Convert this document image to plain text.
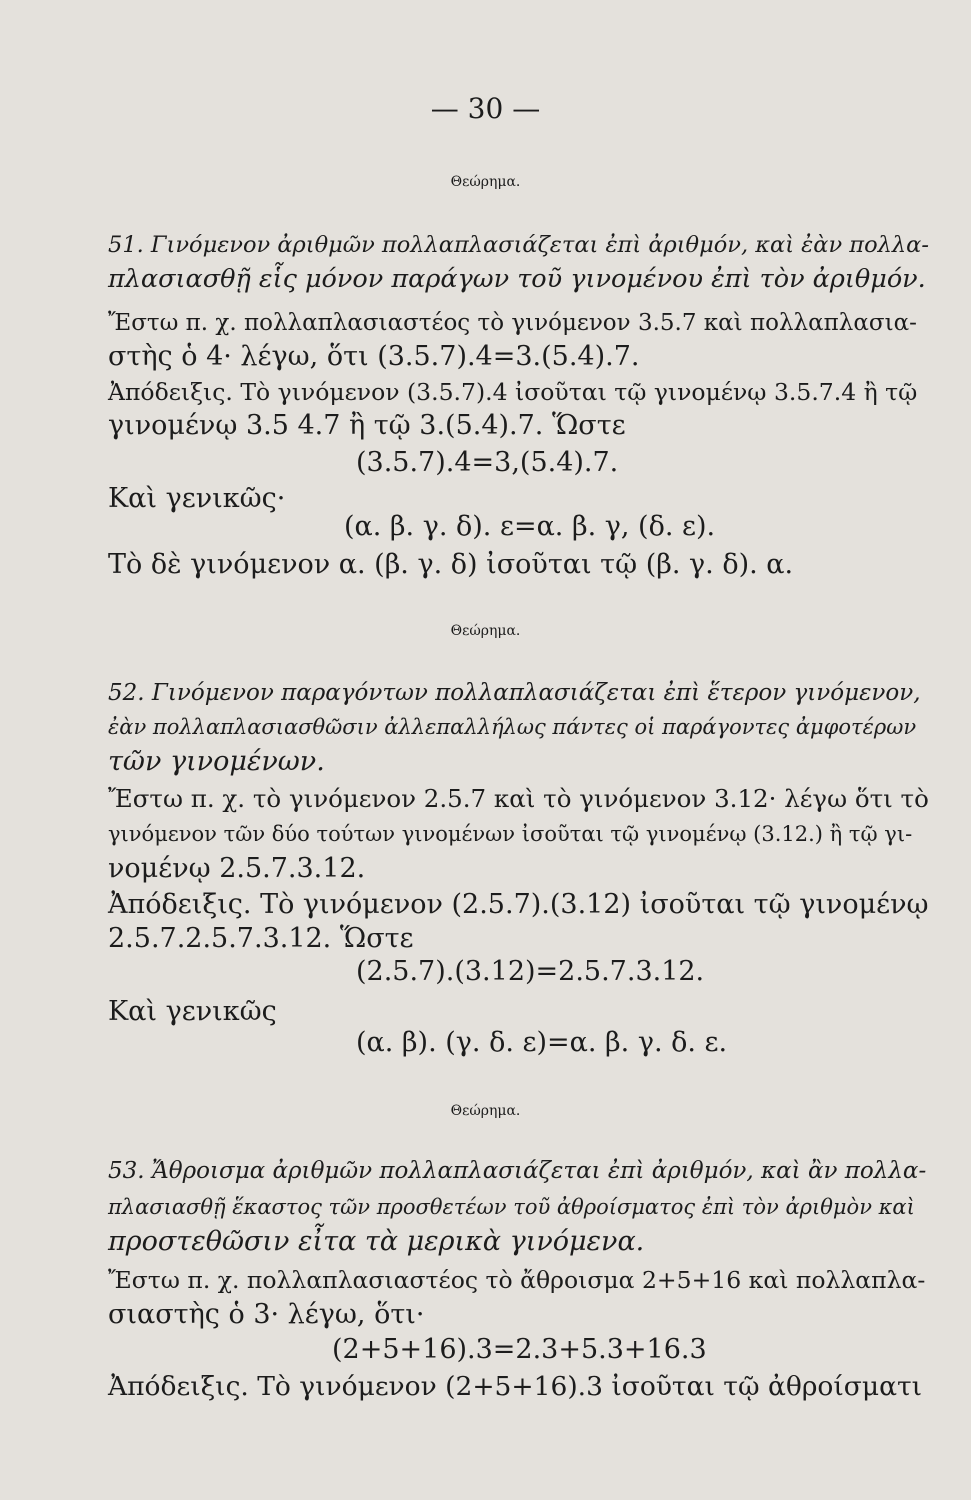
— 30 —
Θεώρημα.
51. Γινόμενον ἀριθμῶν πολλαπλασιάζεται ἐπὶ ἀριθμόν, καὶ ἐὰν πολλα-
πλασιασθῇ εἷς μόνον παράγων τοῦ γινομένου ἐπὶ τὸν ἀριθμόν.
Ἔστω π. χ. πολλαπλασιαστέος τὸ γινόμενον 3.5.7 καὶ πολλαπλασια-
στὴς ὁ 4· λέγω, ὅτι (3.5.7).4=3.(5.4).7.
Ἀπόδειξις. Τὸ γινόμενον (3.5.7).4 ἰσοῦται τῷ γινομένῳ 3.5.7.4 ἢ τῷ
γινομένῳ 3.5 4.7 ἢ τῷ 3.(5.4).7. Ὥστε
(3.5.7).4=3,(5.4).7.
Καὶ γενικῶς·
(α. β. γ. δ). ε=α. β. γ, (δ. ε).
Τὸ δὲ γινόμενον α. (β. γ. δ) ἰσοῦται τῷ (β. γ. δ). α.
Θεώρημα.
52. Γινόμενον παραγόντων πολλαπλασιάζεται ἐπὶ ἕτερον γινόμενον,
ἐὰν πολλαπλασιασθῶσιν ἀλλεπαλλήλως πάντες οἱ παράγοντες ἀμφοτέρων
τῶν γινομένων.
Ἔστω π. χ. τὸ γινόμενον 2.5.7 καὶ τὸ γινόμενον 3.12· λέγω ὅτι τὸ
γινόμενον τῶν δύο τούτων γινομένων ἰσοῦται τῷ γινομένῳ (3.12.) ἢ τῷ γι-
νομένῳ 2.5.7.3.12.
Ἀπόδειξις. Τὸ γινόμενον (2.5.7).(3.12) ἰσοῦται τῷ γινομένῳ
2.5.7.2.5.7.3.12. Ὥστε
(2.5.7).(3.12)=2.5.7.3.12.
Καὶ γενικῶς
(α. β). (γ. δ. ε)=α. β. γ. δ. ε.
Θεώρημα.
53. Ἄθροισμα ἀριθμῶν πολλαπλασιάζεται ἐπὶ ἀριθμόν, καὶ ἂν πολλα-
πλασιασθῇ ἕκαστος τῶν προσθετέων τοῦ ἀθροίσματος ἐπὶ τὸν ἀριθμὸν καὶ
προστεθῶσιν εἶτα τὰ μερικὰ γινόμενα.
Ἔστω π. χ. πολλαπλασιαστέος τὸ ἄθροισμα 2+5+16 καὶ πολλαπλα-
σιαστὴς ὁ 3· λέγω, ὅτι·
(2+5+16).3=2.3+5.3+16.3
Ἀπόδειξις. Τὸ γινόμενον (2+5+16).3 ἰσοῦται τῷ ἀθροίσματι
